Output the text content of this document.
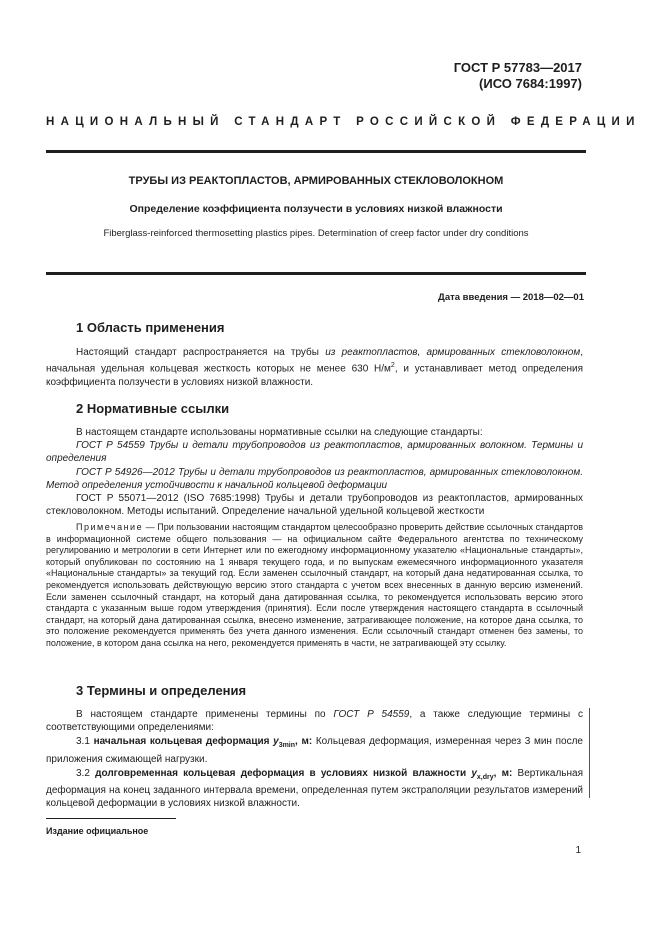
ГОСТ Р 57783—2017
(ИСО 7684:1997)
НАЦИОНАЛЬНЫЙ СТАНДАРТ РОССИЙСКОЙ ФЕДЕРАЦИИ
ТРУБЫ ИЗ РЕАКТОПЛАСТОВ, АРМИРОВАННЫХ СТЕКЛОВОЛОКНОМ
Определение коэффициента ползучести в условиях низкой влажности
Fiberglass-reinforced thermosetting plastics pipes. Determination of creep factor under dry conditions
Дата введения — 2018—02—01
1 Область применения

Настоящий стандарт распространяется на трубы из реактопластов, армированных стекловолокном, начальная удельная кольцевая жесткость которых не менее 630 $Н/м^2$, и устанавливает метод определения коэффициента ползучести в условиях низкой влажности.

2 Нормативные ссылки

В настоящем стандарте использованы нормативные ссылки на следующие стандарты:

ГОСТ Р 54559 Трубы и детали трубопроводов из реактопластов, армированных волокном. Термины и определения

ГОСТ Р 54926—2012 Трубы и детали трубопроводов из реактопластов, армированных стекловолокном. Метод определения устойчивости к начальной кольцевой деформации

ГОСТ Р 55071—2012 (ISO 7685:1998) Трубы и детали трубопроводов из реактопластов, армированных стекловолокном. Методы испытаний. Определение начальной удельной кольцевой жесткости

Примечание — При пользовании настоящим стандартом целесообразно проверить действие ссылочных стандартов в информационной системе общего пользования — на официальном сайте Федерального агентства по техническому регулированию и метрологии в сети Интернет или по ежегодному информационному указателю «Национальные стандарты», который опубликован по состоянию на 1 января текущего года, и по выпускам ежемесячного информационного указателя «Национальные стандарты» за текущий год. Если заменен ссылочный стандарт, на который дана недатированная ссылка, то рекомендуется использовать действующую версию этого стандарта с учетом всех внесенных в данную версию изменений. Если заменен ссылочный стандарт, на который дана датированная ссылка, то рекомендуется использовать версию этого стандарта с указанным выше годом утверждения (принятия). Если после утверждения настоящего стандарта в ссылочный стандарт, на который дана датированная ссылка, внесено изменение, затрагивающее положение, на которое дана ссылка, то это положение рекомендуется применять без учета данного изменения. Если ссылочный стандарт отменен без замены, то положение, в котором дана ссылка на него, рекомендуется применять в части, не затрагивающей эту ссылку.

3 Термины и определения

В настоящем стандарте применены термины по ГОСТ Р 54559, а также следующие термины с соответствующими определениями:

3.1 начальная кольцевая деформация $y_{3min}$, м: Кольцевая деформация, измеренная через 3 мин после приложения сжимающей нагрузки.

3.2 долговременная кольцевая деформация в условиях низкой влажности $y_{x,dry}$, м: Вертикальная деформация на конец заданного интервала времени, определенная путем экстраполяции результатов измерений кольцевой деформации в условиях низкой влажности.

Издание официальное
1
